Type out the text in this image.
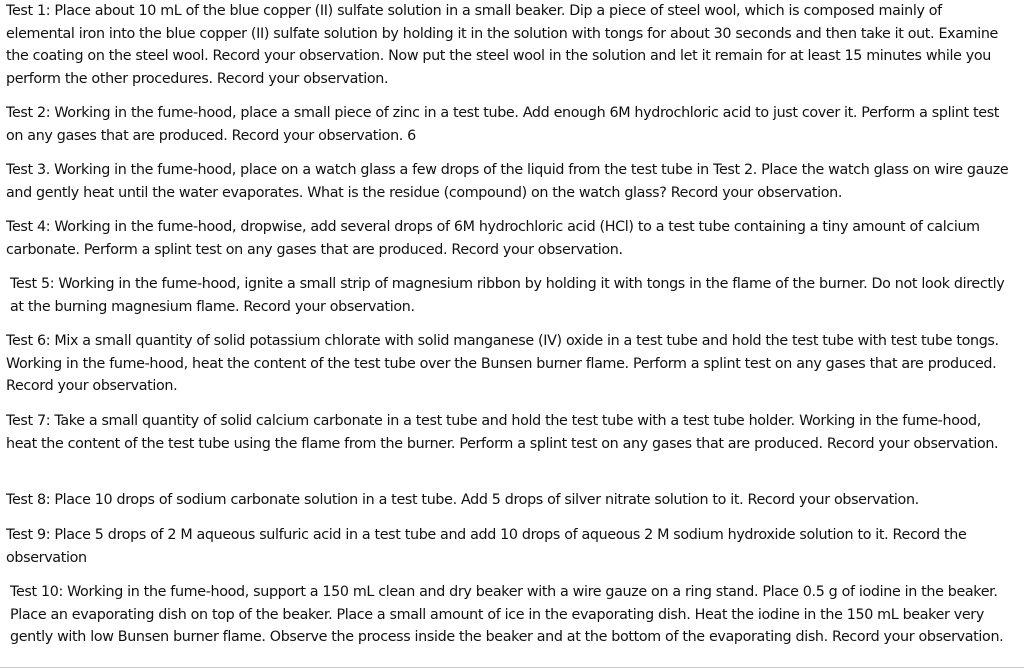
Test 1: Place about 10 mL of the blue copper (II) sulfate solution in a small beaker. Dip a piece of steel wool, which is composed mainly of elemental iron into the blue copper (II) sulfate solution by holding it in the solution with tongs for about 30 seconds and then take it out. Examine the coating on the steel wool. Record your observation. Now put the steel wool in the solution and let it remain for at least 15 minutes while you perform the other procedures. Record your observation.

Test 2: Working in the fume-hood, place a small piece of zinc in a test tube. Add enough 6M hydrochloric acid to just cover it. Perform a splint test on any gases that are produced. Record your observation. 6

Test 3. Working in the fume-hood, place on a watch glass a few drops of the liquid from the test tube in Test 2. Place the watch glass on wire gauze and gently heat until the water evaporates. What is the residue (compound) on the watch glass? Record your observation.

Test 4: Working in the fume-hood, dropwise, add several drops of 6M hydrochloric acid (HCl) to a test tube containing a tiny amount of calcium carbonate. Perform a splint test on any gases that are produced. Record your observation.

Test 5: Working in the fume-hood, ignite a small strip of magnesium ribbon by holding it with tongs in the flame of the burner. Do not look directly at the burning magnesium flame. Record your observation.

Test 6: Mix a small quantity of solid potassium chlorate with solid manganese (IV) oxide in a test tube and hold the test tube with test tube tongs. Working in the fume-hood, heat the content of the test tube over the Bunsen burner flame. Perform a splint test on any gases that are produced. Record your observation.

Test 7: Take a small quantity of solid calcium carbonate in a test tube and hold the test tube with a test tube holder. Working in the fume-hood, heat the content of the test tube using the flame from the burner. Perform a splint test on any gases that are produced. Record your observation.

Test 8: Place 10 drops of sodium carbonate solution in a test tube. Add 5 drops of silver nitrate solution to it. Record your observation.

Test 9: Place 5 drops of 2 M aqueous sulfuric acid in a test tube and add 10 drops of aqueous 2 M sodium hydroxide solution to it. Record the observation

Test 10: Working in the fume-hood, support a 150 mL clean and dry beaker with a wire gauze on a ring stand. Place 0.5 g of iodine in the beaker. Place an evaporating dish on top of the beaker. Place a small amount of ice in the evaporating dish. Heat the iodine in the 150 mL beaker very gently with low Bunsen burner flame. Observe the process inside the beaker and at the bottom of the evaporating dish. Record your observation.
